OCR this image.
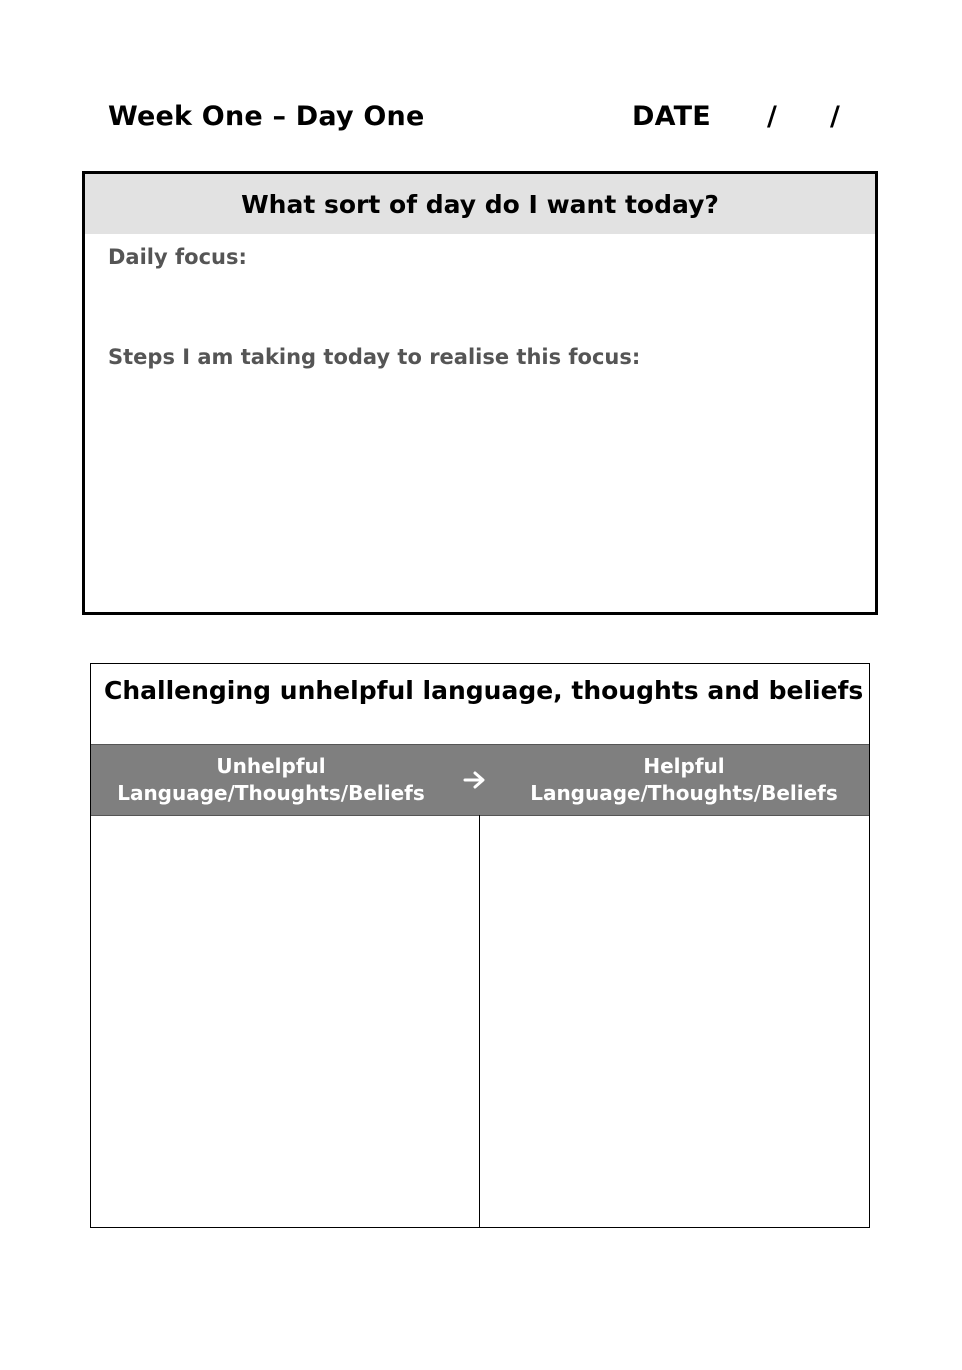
Week One – Day One	DATE / /
What sort of day do I want today?
Daily focus:
Steps I am taking today to realise this focus:
Challenging unhelpful language, thoughts and beliefs
Unhelpful
Language/Thoughts/Beliefs
Helpful
Language/Thoughts/Beliefs
